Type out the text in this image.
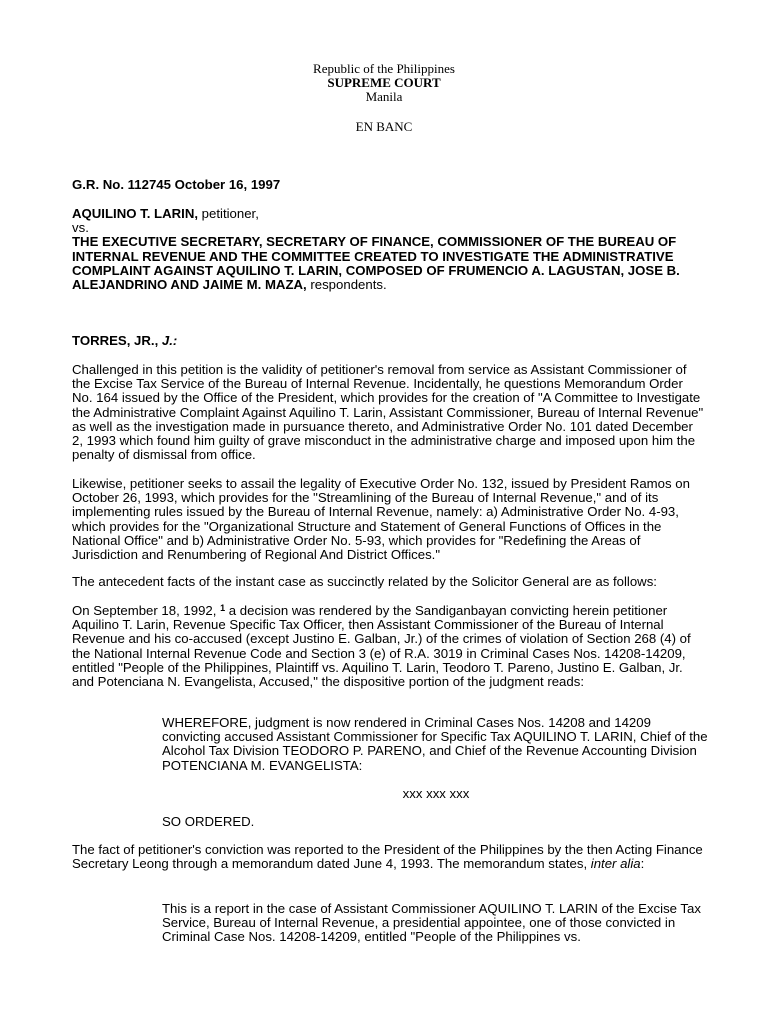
Republic of the Philippines
SUPREME COURT
Manila
EN BANC
G.R. No. 112745 October 16, 1997

AQUILINO T. LARIN, petitioner,

vs.

THE EXECUTIVE SECRETARY, SECRETARY OF FINANCE, COMMISSIONER OF THE BUREAU OF INTERNAL REVENUE AND THE COMMITTEE CREATED TO INVESTIGATE THE ADMINISTRATIVE COMPLAINT AGAINST AQUILINO T. LARIN, COMPOSED OF FRUMENCIO A. LAGUSTAN, JOSE B. ALEJANDRINO AND JAIME M. MAZA, respondents.

TORRES, JR., J.:

Challenged in this petition is the validity of petitioner's removal from service as Assistant Commissioner of the Excise Tax Service of the Bureau of Internal Revenue. Incidentally, he questions Memorandum Order No. 164 issued by the Office of the President, which provides for the creation of "A Committee to Investigate the Administrative Complaint Against Aquilino T. Larin, Assistant Commissioner, Bureau of Internal Revenue" as well as the investigation made in pursuance thereto, and Administrative Order No. 101 dated December 2, 1993 which found him guilty of grave misconduct in the administrative charge and imposed upon him the penalty of dismissal from office.

Likewise, petitioner seeks to assail the legality of Executive Order No. 132, issued by President Ramos on October 26, 1993, which provides for the "Streamlining of the Bureau of Internal Revenue," and of its implementing rules issued by the Bureau of Internal Revenue, namely: a) Administrative Order No. 4-93, which provides for the "Organizational Structure and Statement of General Functions of Offices in the National Office" and b) Administrative Order No. 5-93, which provides for "Redefining the Areas of Jurisdiction and Renumbering of Regional And District Offices."

The antecedent facts of the instant case as succinctly related by the Solicitor General are as follows:

On September 18, 1992, $^1$ a decision was rendered by the Sandiganbayan convicting herein petitioner Aquilino T. Larin, Revenue Specific Tax Officer, then Assistant Commissioner of the Bureau of Internal Revenue and his co-accused (except Justino E. Galban, Jr.) of the crimes of violation of Section 268 (4) of the National Internal Revenue Code and Section 3 (e) of R.A. 3019 in Criminal Cases Nos. 14208-14209, entitled "People of the Philippines, Plaintiff vs. Aquilino T. Larin, Teodoro T. Pareno, Justino E. Galban, Jr. and Potenciana N. Evangelista, Accused," the dispositive portion of the judgment reads:

WHEREFORE, judgment is now rendered in Criminal Cases Nos. 14208 and 14209 convicting accused Assistant Commissioner for Specific Tax AQUILINO T. LARIN, Chief of the Alcohol Tax Division TEODORO P. PARENO, and Chief of the Revenue Accounting Division POTENCIANA M. EVANGELISTA:

xxx xxx xxx

SO ORDERED.

The fact of petitioner's conviction was reported to the President of the Philippines by the then Acting Finance Secretary Leong through a memorandum dated June 4, 1993. The memorandum states, inter alia:

This is a report in the case of Assistant Commissioner AQUILINO T. LARIN of the Excise Tax Service, Bureau of Internal Revenue, a presidential appointee, one of those convicted in Criminal Case Nos. 14208-14209, entitled "People of the Philippines vs.
